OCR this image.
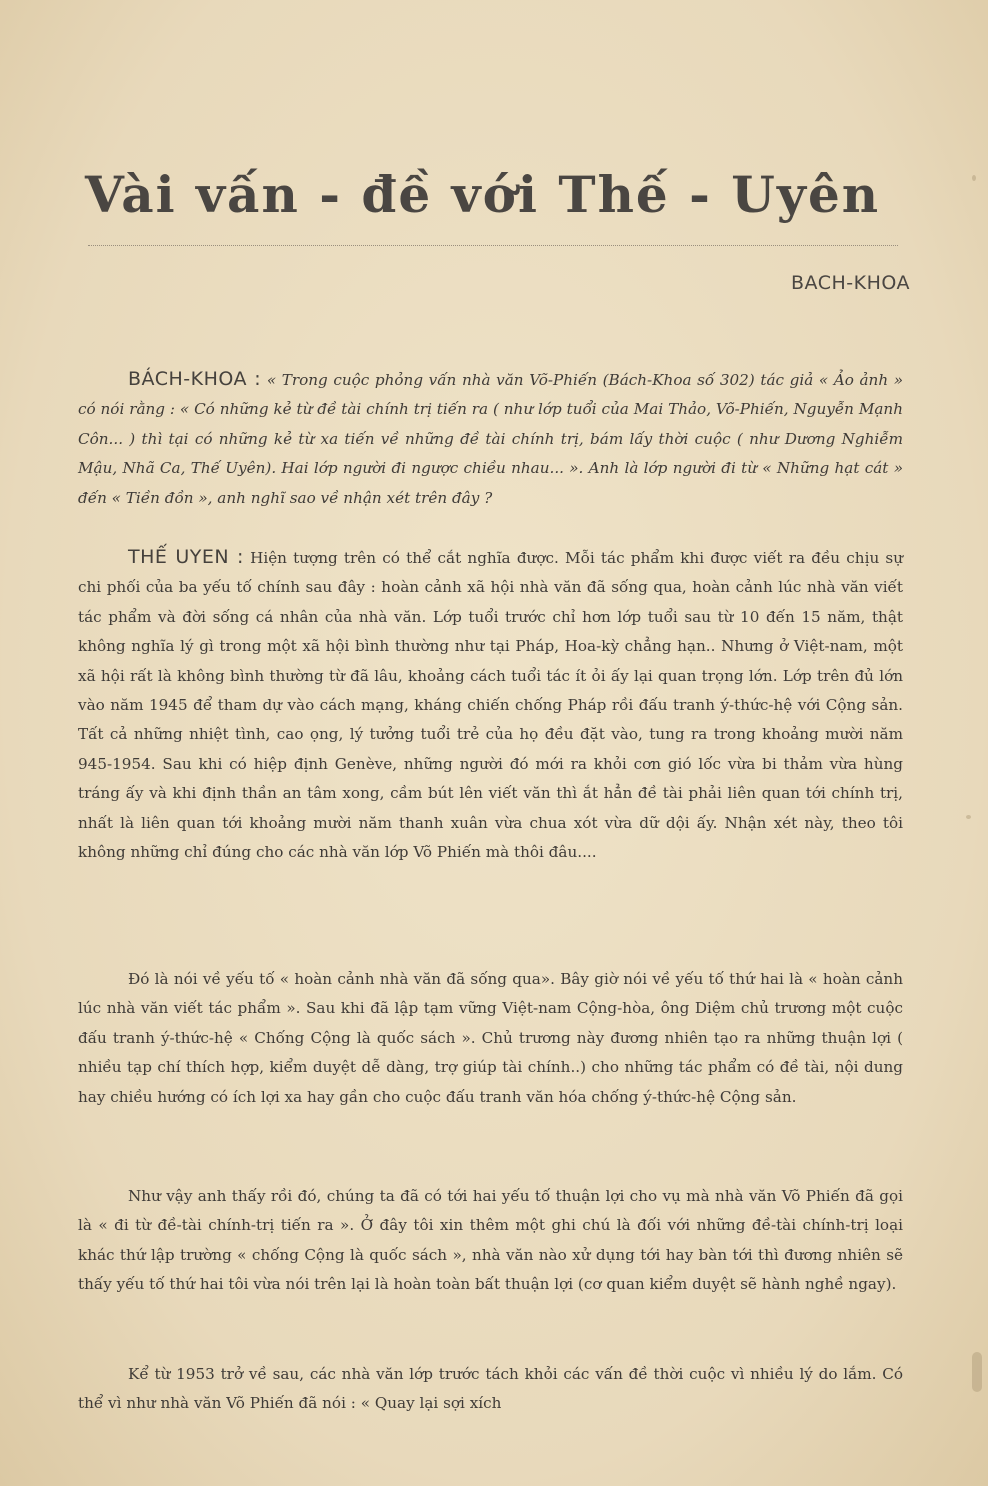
Vài vấn - đề với Thế - Uyên
BACH-KHOA
BÁCH-KHOA : « Trong cuộc phỏng vấn nhà văn Võ-Phiến (Bách-Khoa số 302) tác giả « Ảo ảnh » có nói rằng : « Có những kẻ từ đề tài chính trị tiến ra ( như lớp tuổi của Mai Thảo, Võ-Phiến, Nguyễn Mạnh Côn... ) thì tại có những kẻ từ xa tiến về những đề tài chính trị, bám lấy thời cuộc ( như Dương Nghiễm Mậu, Nhã Ca, Thế Uyên). Hai lớp người đi ngược chiều nhau... ». Anh là lớp người đi từ « Những hạt cát » đến « Tiền đồn », anh nghĩ sao về nhận xét trên đây ?
THẾ UYEN : Hiện tượng trên có thể cắt nghĩa được. Mỗi tác phẩm khi được viết ra đều chịu sự chi phối của ba yếu tố chính sau đây : hoàn cảnh xã hội nhà văn đã sống qua, hoàn cảnh lúc nhà văn viết tác phẩm và đời sống cá nhân của nhà văn. Lớp tuổi trước chỉ hơn lớp tuổi sau từ 10 đến 15 năm, thật không nghĩa lý gì trong một xã hội bình thường như tại Pháp, Hoa-kỳ chẳng hạn.. Nhưng ở Việt-nam, một xã hội rất là không bình thường từ đã lâu, khoảng cách tuổi tác ít ỏi ấy lại quan trọng lớn. Lớp trên đủ lớn vào năm 1945 để tham dự vào cách mạng, kháng chiến chống Pháp rồi đấu tranh ý-thức-hệ với Cộng sản. Tất cả những nhiệt tình, cao ọng, lý tưởng tuổi trẻ của họ đều đặt vào, tung ra trong khoảng mười năm 945-1954. Sau khi có hiệp định Genève, những người đó mới ra khỏi cơn gió lốc vừa bi thảm vừa hùng tráng ấy và khi định thần an tâm xong, cầm bút lên viết văn thì ắt hẳn đề tài phải liên quan tới chính trị, nhất là liên quan tới khoảng mười năm thanh xuân vừa chua xót vừa dữ dội ấy. Nhận xét này, theo tôi không những chỉ đúng cho các nhà văn lớp Võ Phiến mà thôi đâu....
Đó là nói về yếu tố « hoàn cảnh nhà văn đã sống qua». Bây giờ nói về yếu tố thứ hai là « hoàn cảnh lúc nhà văn viết tác phẩm ». Sau khi đã lập tạm vững Việt-nam Cộng-hòa, ông Diệm chủ trương một cuộc đấu tranh ý-thức-hệ « Chống Cộng là quốc sách ». Chủ trương này đương nhiên tạo ra những thuận lợi ( nhiều tạp chí thích hợp, kiểm duyệt dễ dàng, trợ giúp tài chính..) cho những tác phẩm có đề tài, nội dung hay chiều hướng có ích lợi xa hay gần cho cuộc đấu tranh văn hóa chống ý-thức-hệ Cộng sản.
Như vậy anh thấy rồi đó, chúng ta đã có tới hai yếu tố thuận lợi cho vụ mà nhà văn Võ Phiến đã gọi là « đi từ đề-tài chính-trị tiến ra ». Ở đây tôi xin thêm một ghi chú là đối với những đề-tài chính-trị loại khác thứ lập trường « chống Cộng là quốc sách », nhà văn nào xử dụng tới hay bàn tới thì đương nhiên sẽ thấy yếu tố thứ hai tôi vừa nói trên lại là hoàn toàn bất thuận lợi (cơ quan kiểm duyệt sẽ hành nghề ngay).
Kể từ 1953 trở về sau, các nhà văn lớp trước tách khỏi các vấn đề thời cuộc vì nhiều lý do lắm. Có thể vì như nhà văn Võ Phiến đã nói : « Quay lại sợi xích
